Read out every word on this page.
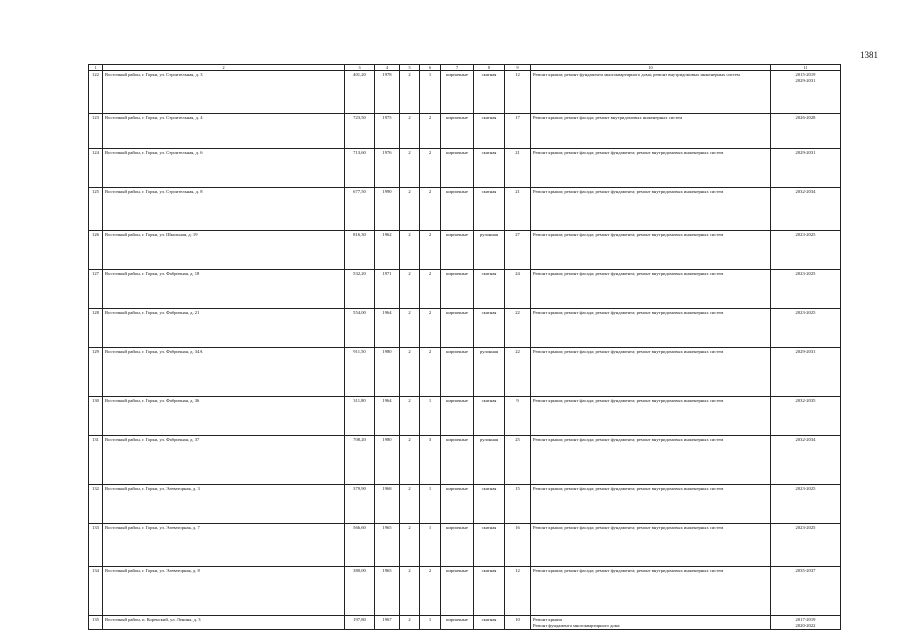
1381
1	2	3	4	5	6	7	8	9	10	11
122	Восточный район, г. Горки, ул. Строительная, д. 3	401,20	1978	2	1	кирпичные	скатная	12	Ремонт крыши; ремонт фундамента многоквартирного дома; ремонт внутридомовых инженерных систем	2015-2019
2029-2031
123	Восточный район, г. Горки, ул. Строительная, д. 4	723,50	1975	2	2	кирпичные	скатная	17	Ремонт крыши; ремонт фасада; ремонт внутридомовых инженерных систем	2026-2028
124	Восточный район, г. Горки, ул. Строительная, д. 6	713,60	1976	2	2	кирпичные	скатная	21	Ремонт крыши; ремонт фасада; ремонт фундамента; ремонт внутридомовых инженерных систем	2029-2031
125	Восточный район, г. Горки, ул. Строительная, д. 8	677,50	1990	2	2	кирпичные	скатная	21	Ремонт крыши; ремонт фасада; ремонт фундамента; ремонт внутридомовых инженерных систем	2032-2034
126	Восточный район, г. Горки, ул. Школьная, д. 19	816,30	1962	2	2	кирпичные	рулонная	27	Ремонт крыши; ремонт фасада; ремонт фундамента; ремонт внутридомовых инженерных систем	2023-2025
127	Восточный район, г. Горки, ул. Фабричная, д. 18	532,20	1971	2	2	кирпичные	скатная	24	Ремонт крыши; ремонт фасада; ремонт фундамента; ремонт внутридомовых инженерных систем	2023-2025
128	Восточный район, г. Горки, ул. Фабричная, д. 21	554,00	1964	2	2	кирпичные	скатная	22	Ремонт крыши; ремонт фасада; ремонт фундамента; ремонт внутридомовых инженерных систем	2023-2025
129	Восточный район, г. Горки, ул. Фабричная, д. 34А	911,50	1980	2	2	кирпичные	рулонная	22	Ремонт крыши; ремонт фасада; ремонт фундамента; ремонт внутридомовых инженерных систем	2029-2031
130	Восточный район, г. Горки, ул. Фабричная, д. 36	311,80	1964	2	1	кирпичные	скатная	9	Ремонт крыши; ремонт фасада; ремонт фундамента; ремонт внутридомовых инженерных систем	2032-2035
131	Восточный район, г. Горки, ул. Фабричная, д. 37	708,20	1980	2	3	кирпичные	рулонная	25	Ремонт крыши; ремонт фасада; ремонт фундамента; ремонт внутридомовых инженерных систем	2032-2034
132	Восточный район, г. Горки, ул. Элеваторная, д. 3	379,90	1968	2	1	кирпичные	скатная	15	Ремонт крыши; ремонт фасада; ремонт фундамента; ремонт внутридомовых инженерных систем	2023-2025
133	Восточный район, г. Горки, ул. Элеваторная, д. 7	566,60	1965	2	1	кирпичные	скатная	16	Ремонт крыши; ремонт фасада; ремонт фундамента; ремонт внутридомовых инженерных систем	2023-2025
134	Восточный район, г. Горки, ул. Элеваторная, д. 8	380,00	1965	2	2	кирпичные	скатная	12	Ремонт крыши; ремонт фасада; ремонт фундамента; ремонт внутридомовых инженерных систем	2035-2037
135	Восточный район, п. Коренский, ул. Ленина, д. 3	197,80	1967	2	1	кирпичные	скатная	10	Ремонт крыши
Ремонт фундамента многоквартирного дома	2017-2019
2020-2022
